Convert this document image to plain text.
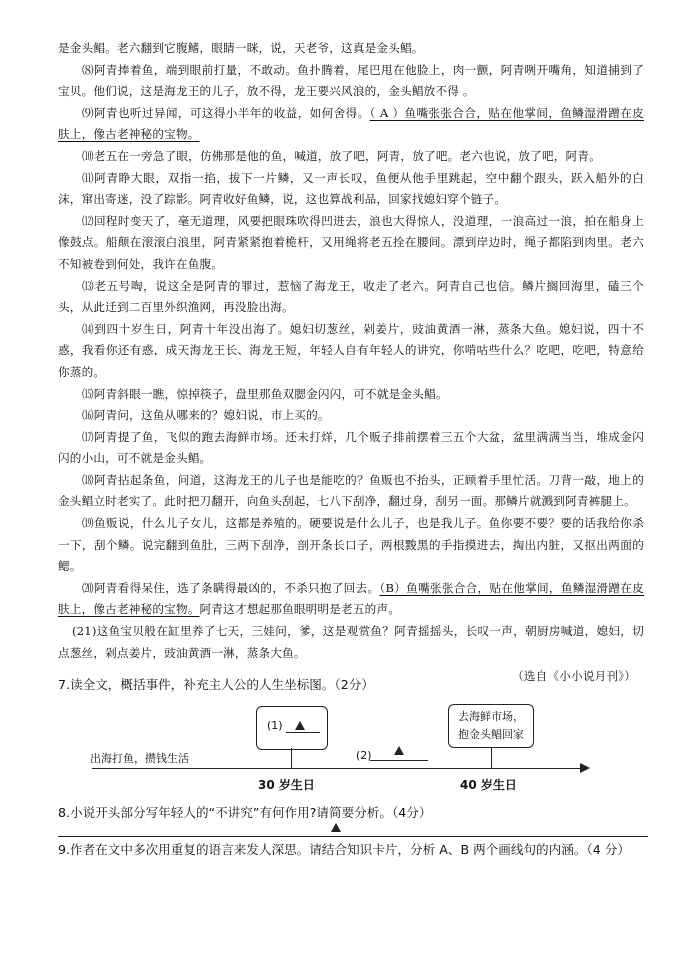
是金头鲳。老六翻到它腹鳍，眼睛一眯，说，天老爷，这真是金头鲳。

⑻阿青捧着鱼，端到眼前打量，不敢动。鱼扑腾着，尾巴甩在他脸上，肉一颤，阿青咧开嘴角，知道捕到了宝贝。他们说，这是海龙王的儿子，放不得，龙王要兴风浪的，金头鲳放不得 。

⑼阿青也听过异闻，可这得小半年的收益，如何舍得。（ A ）鱼嘴张张合合，贴在他掌间，鱼鳞湿滑蹭在皮肤上，像古老神秘的宝物。

⑽老五在一旁急了眼，仿佛那是他的鱼，喊道，放了吧，阿青，放了吧。老六也说，放了吧，阿青。

⑾阿青睁大眼，双指一掐，拔下一片鳞，又一声长叹，鱼便从他手里跳起，空中翻个跟头，跃入船外的白沫，窜出寄迷，没了踪影。阿青收好鱼鳞，说，这也算战利品，回家找媳妇穿个链子。

⑿回程时变天了，毫无道理，风要把眼珠吹得凹进去，浪也大得惊人，没道理，一浪高过一浪，拍在船身上像鼓点。船颠在滚滚白浪里，阿青紧紧抱着桅杆，又用绳将老五拴在腰间。漂到岸边时，绳子都陷到肉里。老六不知被卷到何处，我许在鱼腹。

⒀老五号啕，说这全是阿青的罪过，惹恼了海龙王，收走了老六。阿青自己也信。鳞片搁回海里，磕三个头，从此迁到二百里外织渔网，再没脸出海。

⒁到四十岁生日，阿青十年没出海了。媳妇切葱丝，剁姜片，豉油黄酒一淋，蒸条大鱼。媳妇说，四十不惑，我看你还有惑，成天海龙王长、海龙王短，年轻人自有年轻人的讲究，你啃咕些什么？吃吧，吃吧，特意给你蒸的。

⒂阿青斜眼一瞧，惊掉筷子，盘里那鱼双腮金闪闪，可不就是金头鲳。

⒃阿青问，这鱼从哪来的？媳妇说，市上买的。

⒄阿青提了鱼，飞似的跑去海鲜市场。还未打烊，几个贩子排前摆着三五个大盆，盆里满满当当，堆成金闪闪的小山，可不就是金头鲳。

⒅阿青拈起条鱼，问道，这海龙王的儿子也是能吃的？鱼贩也不抬头，正顾着手里忙活。刀背一敲，地上的金头鲳立时老实了。此时把刀翻开，向鱼头刮起，七八下刮净，翻过身，刮另一面。那鳞片就溅到阿青裤腿上。

⒆鱼贩说，什么儿子女儿，这都是养殖的。硬要说是什么儿子，也是我儿子。鱼你要不要？要的话我给你杀一下，刮个鳞。说完翻到鱼肚，三两下刮净，剖开条长口子，两根黢黑的手指摸进去，掏出内脏，又抠出两面的鳃。

⒇阿青看得呆住，选了条瞒得最凶的，不杀只抱了回去。（B）鱼嘴张张合合，贴在他掌间，鱼鳞湿滑蹭在皮肤上，像古老神秘的宝物。阿青这才想起那鱼眼明明是老五的声。

(21)这鱼宝贝般在缸里养了七天，三娃问，爹，这是观赏鱼？阿青摇摇头，长叹一声，朝厨房喊道，媳妇，切点葱丝，剁点姜片，豉油黄酒一淋，蒸条大鱼。

（选自《小小说月刊》）
7.读全文，概括事件，补充主人公的人生坐标图。（2分）
出海打鱼，攒钱生活
(1)
(2)
去海鲜市场，
抱金头鲳回家
30 岁生日	40 岁生日
8.小说开头部分写年轻人的“不讲究”有何作用?请简要分析。（4分）
9.作者在文中多次用重复的语言来发人深思。请结合知识卡片，分析 A、B 两个画线句的内涵。（4 分）
